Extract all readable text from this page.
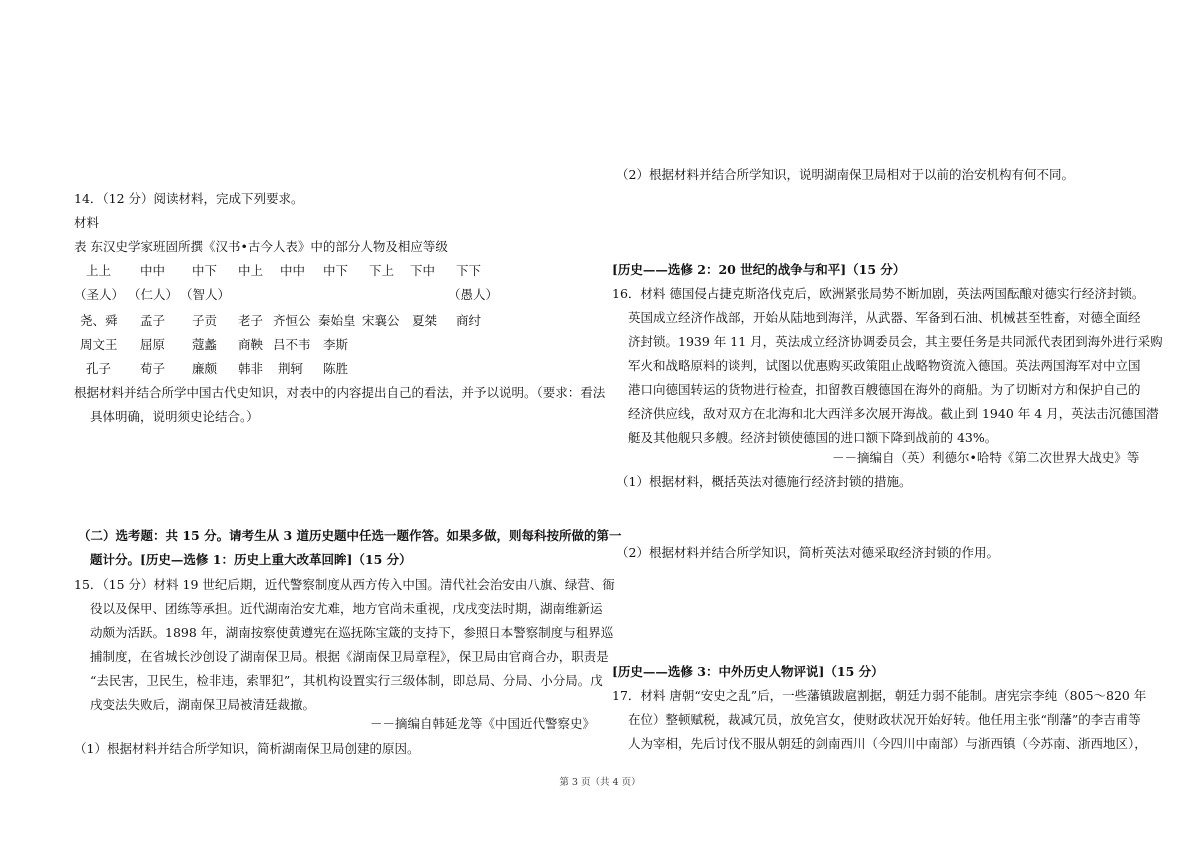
14．（12 分）阅读材料，完成下列要求。
材料
表 东汉史学家班固所撰《汉书•古今人表》中的部分人物及相应等级
上上 中中 中下 中上 中中 中下 下上 下中 下下
（圣人） （仁人） （智人）	（愚人）
尧、舜 孟子 子贡 老子 齐恒公 秦始皇 宋襄公 夏桀 商纣
周文王 屈原 蔻蠡 商鞅 吕不韦 李斯
孔子 荀子 廉颇 韩非 荆轲 陈胜
根据材料并结合所学中国古代史知识，对表中的内容提出自己的看法，并予以说明。（要求：看法
具体明确，说明须史论结合。）
（二）选考题：共 15 分。请考生从 3 道历史题中任选一题作答。如果多做，则每科按所做的第一
题计分。[历史—选修 1：历史上重大改革回眸]（15 分）
15．（15 分）材料 19 世纪后期，近代警察制度从西方传入中国。清代社会治安由八旗、绿营、衙
役以及保甲、团练等承担。近代湖南治安尤难，地方官尚未重视，戊戌变法时期，湖南维新运
动颇为活跃。1898 年，湖南按察使黄遵宪在巡抚陈宝箴的支持下，参照日本警察制度与租界巡
捕制度，在省城长沙创设了湖南保卫局。根据《湖南保卫局章程》，保卫局由官商合办，职责是
“去民害，卫民生，检非违，索罪犯”，其机构设置实行三级体制，即总局、分局、小分局。戊
戌变法失败后，湖南保卫局被清廷裁撤。
－－摘编自韩延龙等《中国近代警察史》
（1）根据材料并结合所学知识，简析湖南保卫局创建的原因。
（2）根据材料并结合所学知识，说明湖南保卫局相对于以前的治安机构有何不同。
[历史——选修 2：20 世纪的战争与和平]（15 分）
16．材料 德国侵占捷克斯洛伐克后，欧洲紧张局势不断加剧，英法两国酝酿对德实行经济封锁。
英国成立经济作战部，开始从陆地到海洋，从武器、军备到石油、机械甚至牲畜，对德全面经
济封锁。1939 年 11 月，英法成立经济协调委员会，其主要任务是共同派代表团到海外进行采购
军火和战略原料的谈判，试图以优惠购买政策阻止战略物资流入德国。英法两国海军对中立国
港口向德国转运的货物进行检查，扣留教百艘德国在海外的商船。为了切断对方和保护自己的
经济供应线，敌对双方在北海和北大西洋多次展开海战。截止到 1940 年 4 月，英法击沉德国潜
艇及其他舰只多艘。经济封锁使德国的进口额下降到战前的 43%。
－－摘编自（英）利德尔•哈特《第二次世界大战史》等
（1）根据材料，概括英法对德施行经济封锁的措施。
（2）根据材料并结合所学知识，简析英法对德采取经济封锁的作用。
[历史——选修 3：中外历史人物评说]（15 分）
17．材料 唐朝“安史之乱”后，一些藩镇跋扈割据，朝廷力弱不能制。唐宪宗李纯（805～820 年
在位）整顿赋税，裁减冗员，放免宫女，使财政状况开始好转。他任用主张“削藩”的李吉甫等
人为宰相，先后讨伐不服从朝廷的剑南西川（今四川中南部）与浙西镇（今苏南、浙西地区），
第 3 页（共 4 页）
